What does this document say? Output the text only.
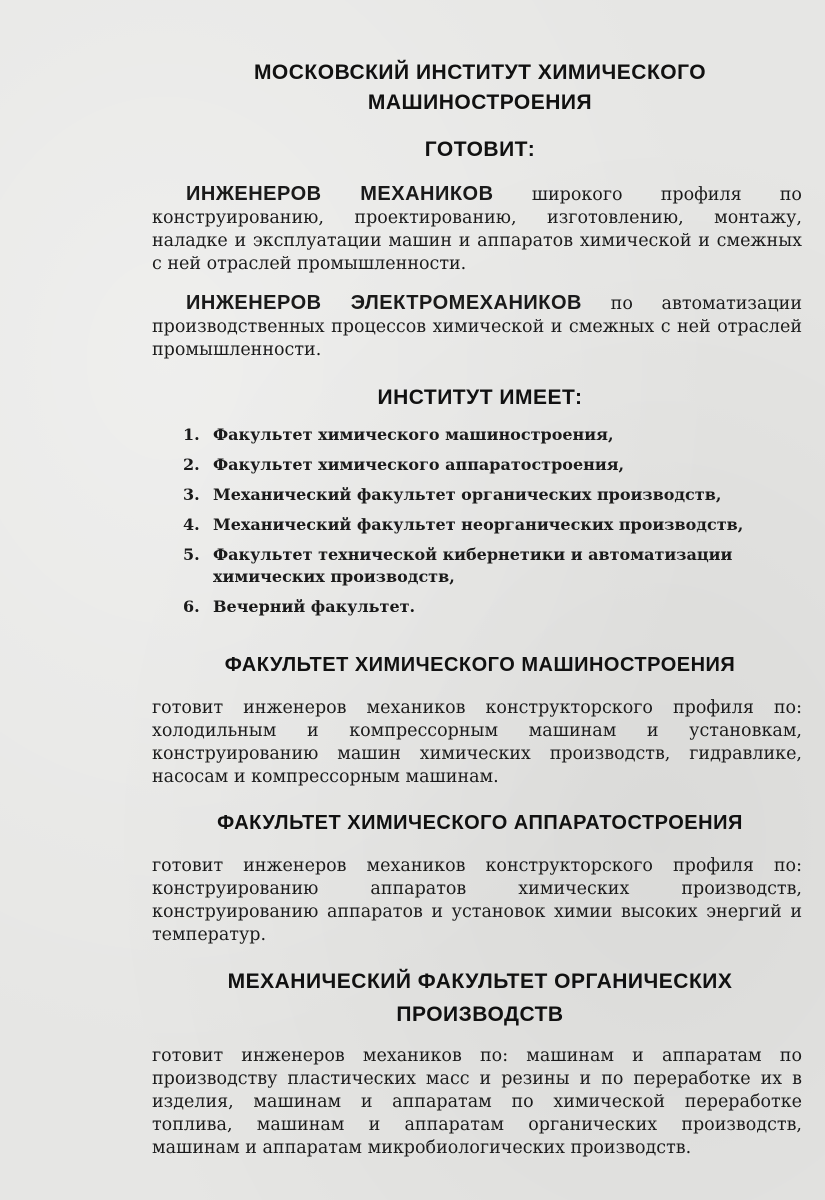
МОСКОВСКИЙ ИНСТИТУТ ХИМИЧЕСКОГО МАШИНОСТРОЕНИЯ
ГОТОВИТ:

ИНЖЕНЕРОВ МЕХАНИКОВ широкого профиля по конструированию, проектированию, изготовлению, монтажу, наладке и эксплуатации машин и аппаратов химической и смежных с ней отраслей промышленности.

ИНЖЕНЕРОВ ЭЛЕКТРОМЕХАНИКОВ по автоматизации производственных процессов химической и смежных с ней отраслей промышленности.

ИНСТИТУТ ИМЕЕТ:
1. Факультет химического машиностроения,
2. Факультет химического аппаратостроения,
3. Механический факультет органических производств,
4. Механический факультет неорганических производств,
5. Факультет технической кибернетики и автоматизации химических производств,
6. Вечерний факультет.
ФАКУЛЬТЕТ ХИМИЧЕСКОГО МАШИНОСТРОЕНИЯ

готовит инженеров механиков конструкторского профиля по: холодильным и компрессорным машинам и установкам, конструированию машин химических производств, гидравлике, насосам и компрессорным машинам.

ФАКУЛЬТЕТ ХИМИЧЕСКОГО АППАРАТОСТРОЕНИЯ

готовит инженеров механиков конструкторского профиля по: конструированию аппаратов химических производств, конструированию аппаратов и установок химии высоких энергий и температур.

МЕХАНИЧЕСКИЙ ФАКУЛЬТЕТ ОРГАНИЧЕСКИХ ПРОИЗВОДСТВ

готовит инженеров механиков по: машинам и аппаратам по производству пластических масс и резины и по переработке их в изделия, машинам и аппаратам по химической переработке топлива, машинам и аппаратам органических производств, машинам и аппаратам микробиологических производств.
